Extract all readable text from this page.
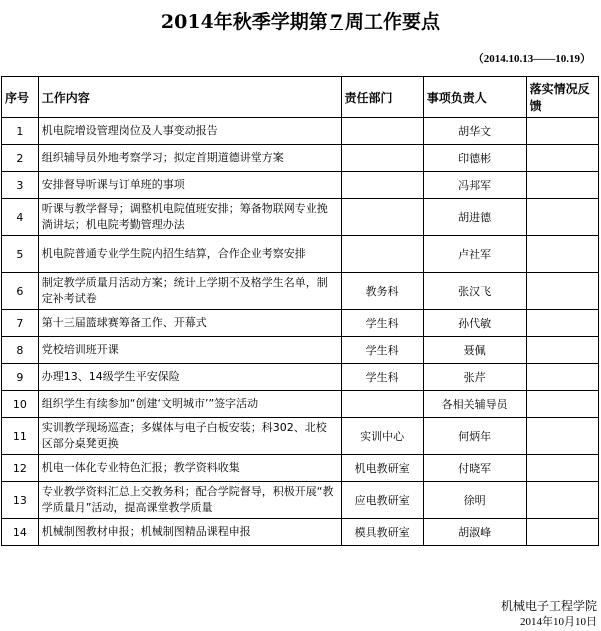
2014年秋季学期第 7 周工作要点
（2014.10.13——10.19）
序号	工作内容	责任部门	事项负责人	落实情况反馈
1	机电院增设管理岗位及人事变动报告		胡华文	
2	组织辅导员外地考察学习；拟定首期道德讲堂方案		印德彬	
3	安排督导听课与订单班的事项		冯邦军	
4	听课与教学督导；调整机电院值班安排；筹备物联网专业挽淌讲坛；机电院考勤管理办法		胡进德	
5	机电院普通专业学生院内招生结算，合作企业考察安排		卢社军	
6	制定教学质量月活动方案；统计上学期不及格学生名单，制定补考试卷	教务科	张汉飞	
7	第十三届篮球赛筹备工作、开幕式	学生科	孙代敏	
8	党校培训班开课	学生科	聂佩	
9	办理13、14级学生平安保险	学生科	张芹	
10	组织学生有续参加“创建‘文明城市’”签字活动		各相关辅导员	
11	实训教学现场巡查；多媒体与电子白板安装；科302、北校区部分桌凳更换	实训中心	何炳年	
12	机电一体化专业特色汇报；教学资料收集	机电教研室	付晓军	
13	专业教学资料汇总上交教务科；配合学院督导，积极开展“教学质量月”活动，提高课堂教学质量	应电教研室	徐明	
14	机械制图教材申报；机械制图精品课程申报	模具教研室	胡淑峰	
机械电子工程学院
2014年10月10日
